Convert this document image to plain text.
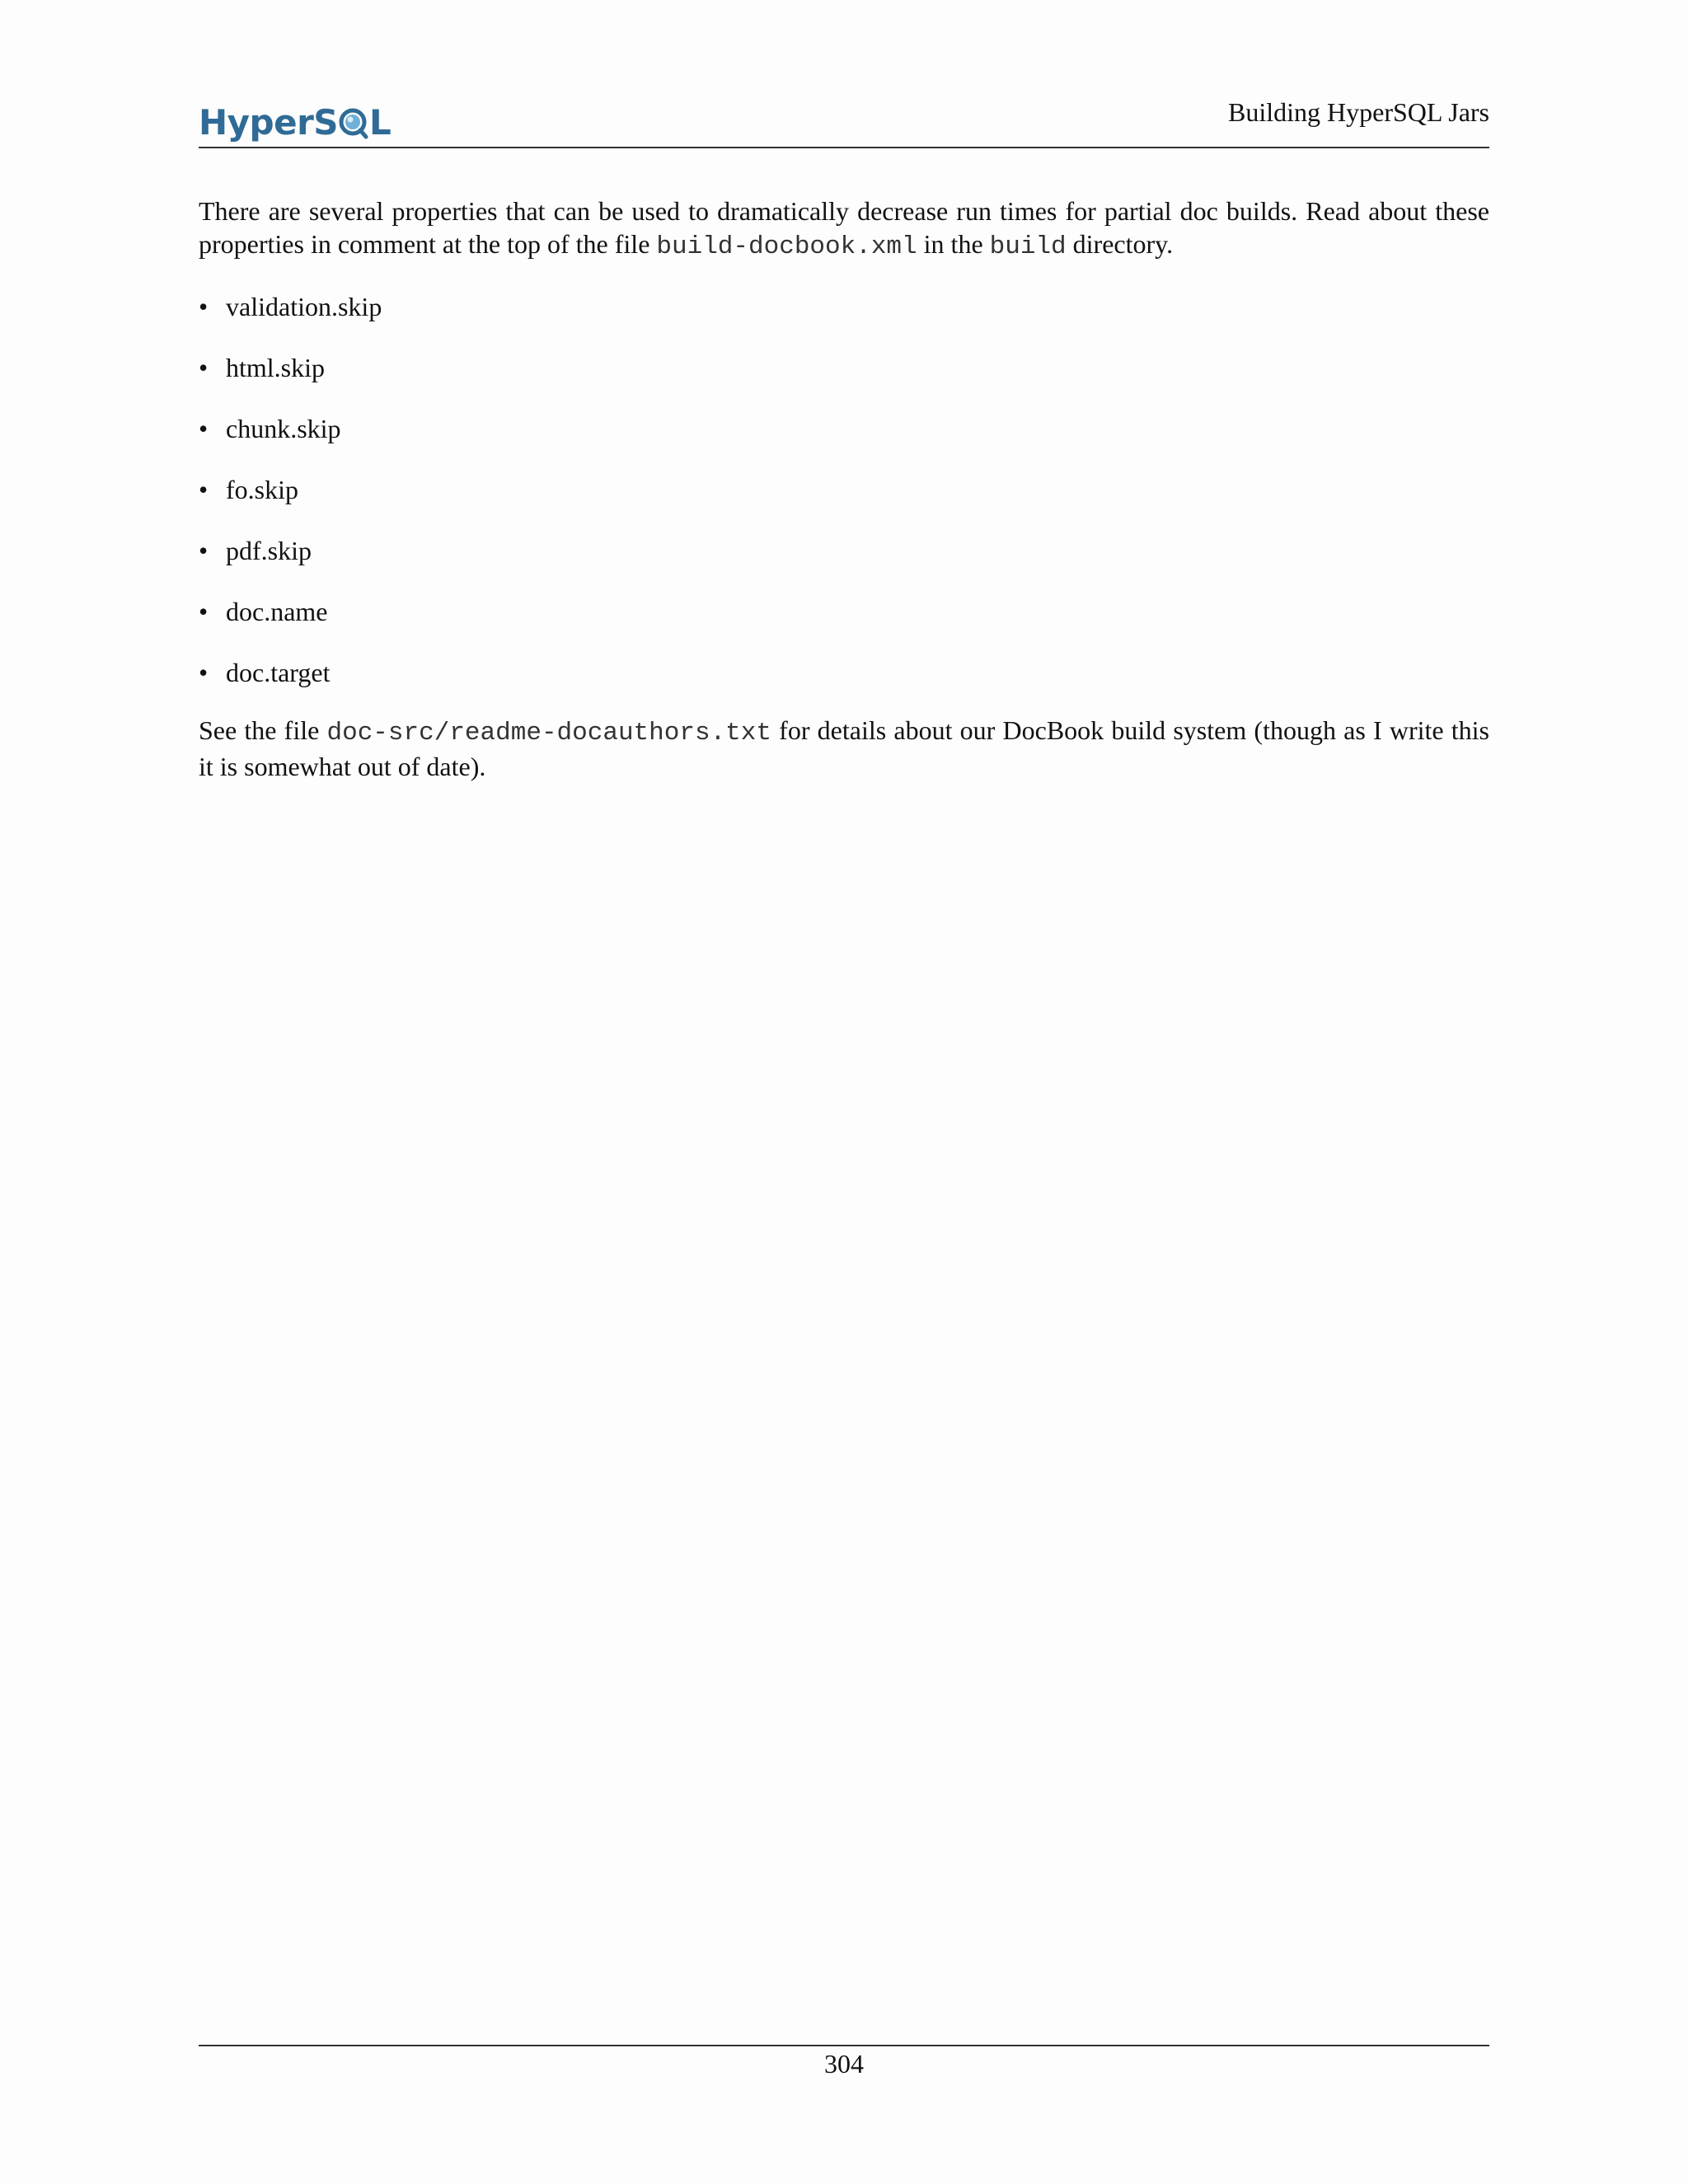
HyperS L	Building HyperSQL Jars

There are several properties that can be used to dramatically decrease run times for partial doc builds. Read about these properties in comment at the top of the file build-docbook.xml in the build directory.

• validation.skip
• html.skip
• chunk.skip
• fo.skip
• pdf.skip
• doc.name
• doc.target

See the file doc-src/readme-docauthors.txt for details about our DocBook build system (though as I write this it is somewhat out of date).

304
